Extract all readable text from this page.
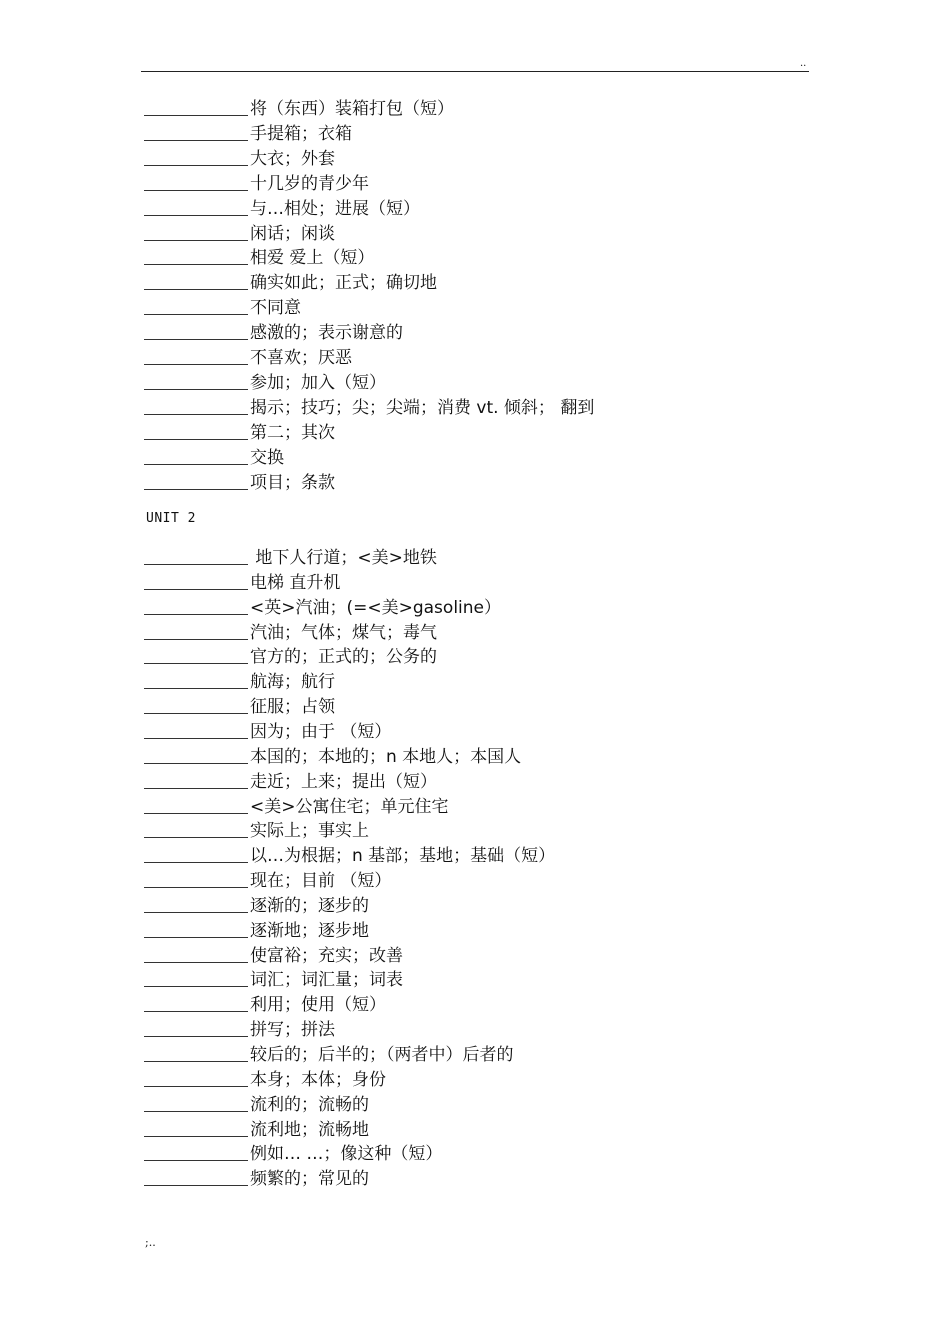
..
将（东西）装箱打包（短）
手提箱；衣箱
大衣；外套
十几岁的青少年
与…相处；进展（短）
闲话；闲谈
相爱 爱上（短）
确实如此；正式；确切地
不同意
感激的；表示谢意的
不喜欢；厌恶
参加；加入（短）
揭示；技巧；尖；尖端；消费 vt. 倾斜； 翻到
第二；其次
交换
项目；条款
UNIT 2
地下人行道；<美>地铁
电梯 直升机
<英>汽油；(=<美>gasoline）
汽油；气体；煤气；毒气
官方的；正式的；公务的
航海；航行
征服；占领
因为；由于 （短）
本国的；本地的；n 本地人；本国人
走近；上来；提出（短）
<美>公寓住宅；单元住宅
实际上；事实上
以…为根据；n 基部；基地；基础（短）
现在；目前 （短）
逐渐的；逐步的
逐渐地；逐步地
使富裕；充实；改善
词汇；词汇量；词表
利用；使用（短）
拼写；拼法
较后的；后半的；（两者中）后者的
本身；本体；身份
流利的；流畅的
流利地；流畅地
例如… …；像这种（短）
频繁的；常见的
;..
